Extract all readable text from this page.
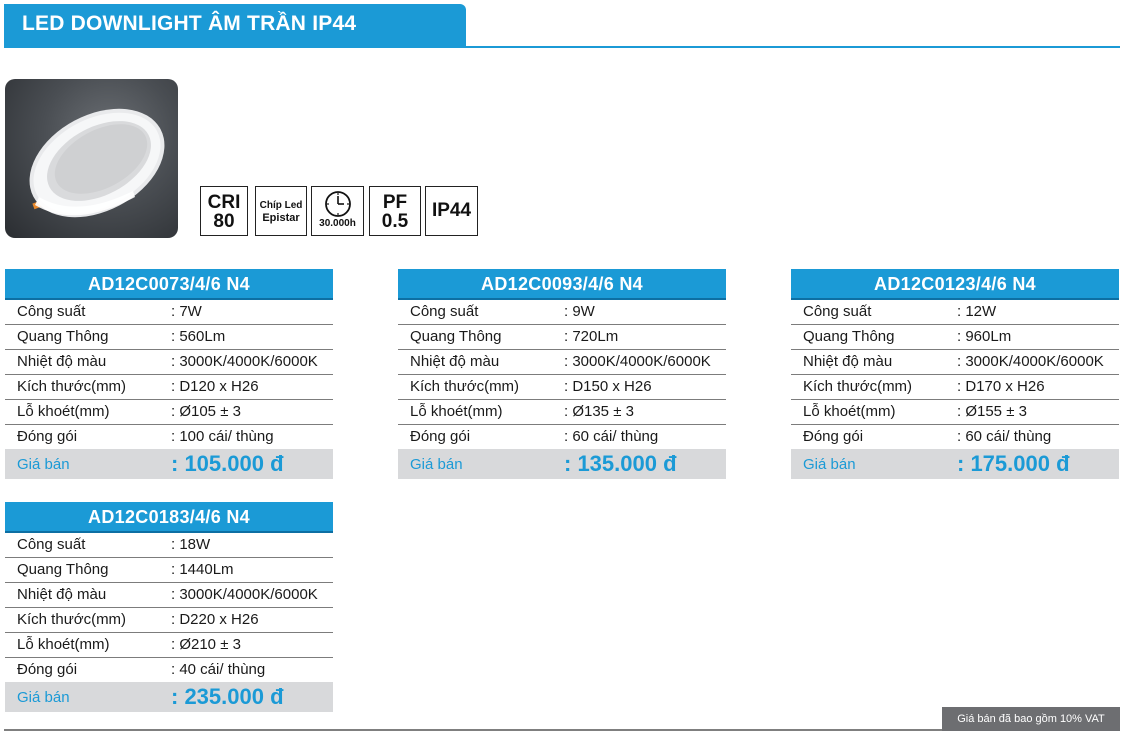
LED DOWNLIGHT ÂM TRẦN IP44
CRI
80
Chíp Led
Epistar	30.000h
PF
0.5
IP44
AD12C0073/4/6 N4
Công suất	: 7W
Quang Thông	: 560Lm
Nhiệt độ màu	: 3000K/4000K/6000K
Kích thước(mm)	: D120 x H26
Lỗ khoét(mm)	: Ø105 ± 3
Đóng gói	: 100 cái/ thùng
Giá bán	: 105.000 đ
AD12C0093/4/6 N4
Công suất	: 9W
Quang Thông	: 720Lm
Nhiệt độ màu	: 3000K/4000K/6000K
Kích thước(mm)	: D150 x H26
Lỗ khoét(mm)	: Ø135 ± 3
Đóng gói	: 60 cái/ thùng
Giá bán	: 135.000 đ
AD12C0123/4/6 N4
Công suất	: 12W
Quang Thông	: 960Lm
Nhiệt độ màu	: 3000K/4000K/6000K
Kích thước(mm)	: D170 x H26
Lỗ khoét(mm)	: Ø155 ± 3
Đóng gói	: 60 cái/ thùng
Giá bán	: 175.000 đ
AD12C0183/4/6 N4
Công suất	: 18W
Quang Thông	: 1440Lm
Nhiệt độ màu	: 3000K/4000K/6000K
Kích thước(mm)	: D220 x H26
Lỗ khoét(mm)	: Ø210 ± 3
Đóng gói	: 40 cái/ thùng
Giá bán	: 235.000 đ
Giá bán đã bao gồm 10% VAT
